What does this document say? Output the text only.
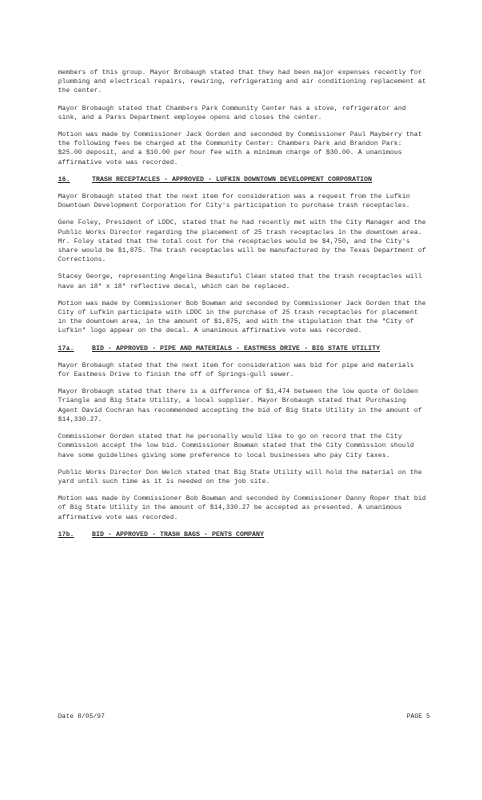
members of this group. Mayor Brobaugh stated that they had been major expenses recently for plumbing and electrical repairs, rewiring, refrigerating and air conditioning replacement at the center.

Mayor Brobaugh stated that Chambers Park Community Center has a stove, refrigerator and sink, and a Parks Department employee opens and closes the center.

Motion was made by Commissioner Jack Gorden and seconded by Commissioner Paul Mayberry that the following fees be charged at the Community Center: Chambers Park and Brandon Park: $25.00 deposit, and a $10.00 per hour fee with a minimum charge of $30.00. A unanimous affirmative vote was recorded.

16.	TRASH RECEPTACLES - APPROVED - LUFKIN DOWNTOWN DEVELOPMENT CORPORATION

Mayor Brobaugh stated that the next item for consideration was a request from the Lufkin Downtown Development Corporation for City's participation to purchase trash receptacles.

Gene Foley, President of LDDC, stated that he had recently met with the City Manager and the Public Works Director regarding the placement of 25 trash receptacles in the downtown area. Mr. Foley stated that the total cost for the receptacles would be $4,750, and the City's share would be $1,875. The trash receptacles will be manufactured by the Texas Department of Corrections.

Stacey George, representing Angelina Beautiful Clean stated that the trash receptacles will have an 18" x 18" reflective decal, which can be replaced.

Motion was made by Commissioner Bob Bowman and seconded by Commissioner Jack Gorden that the City of Lufkin participate with LDDC in the purchase of 25 trash receptacles for placement in the downtown area, in the amount of $1,875, and with the stipulation that the "City of Lufkin" logo appear on the decal. A unanimous affirmative vote was recorded.

17a.	BID - APPROVED - PIPE AND MATERIALS - EASTMESS DRIVE - BIG STATE UTILITY

Mayor Brobaugh stated that the next item for consideration was bid for pipe and materials for Eastmess Drive to finish the off of Springs-gull sewer.

Mayor Brobaugh stated that there is a difference of $1,474 between the low quote of Golden Triangle and Big State Utility, a local supplier. Mayor Brobaugh stated that Purchasing Agent David Cochran has recommended accepting the bid of Big State Utility in the amount of $14,330.27.

Commissioner Gorden stated that he personally would like to go on record that the City Commission accept the low bid. Commissioner Bowman stated that the City Commission should have some guidelines giving some preference to local businesses who pay City taxes.

Public Works Director Don Welch stated that Big State Utility will hold the material on the yard until such time as it is needed on the job site.

Motion was made by Commissioner Bob Bowman and seconded by Commissioner Danny Roper that bid of Big State Utility in the amount of $14,330.27 be accepted as presented. A unanimous affirmative vote was recorded.

17b.	BID - APPROVED - TRASH BAGS - PENTS COMPANY
Date 8/05/97	PAGE 5
